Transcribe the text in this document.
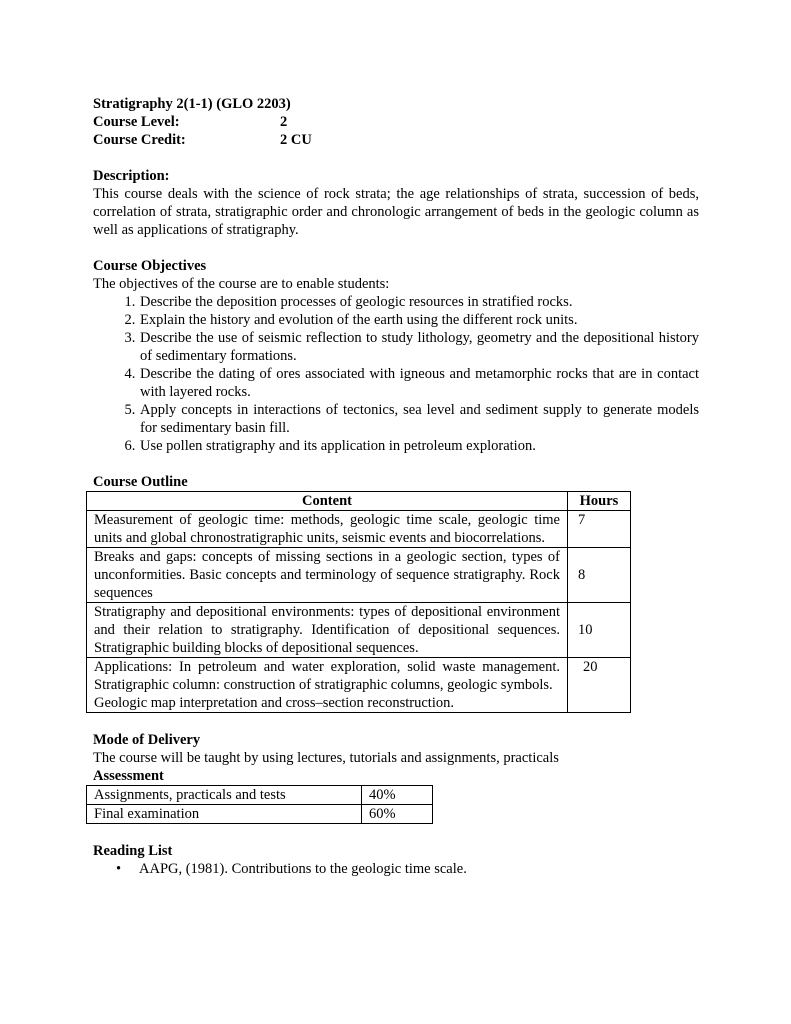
Stratigraphy 2(1-1) (GLO 2203)
Course Level:	2
Course Credit:	2 CU
Description:
This course deals with the science of rock strata; the age relationships of strata, succession of beds, correlation of strata, stratigraphic order and chronologic arrangement of beds in the geologic column as well as applications of stratigraphy.
Course Objectives
The objectives of the course are to enable students:
1. Describe the deposition processes of geologic resources in stratified rocks.
2. Explain the history and evolution of the earth using the different rock units.
3. Describe the use of seismic reflection to study lithology, geometry and the depositional history of sedimentary formations.
4. Describe the dating of ores associated with igneous and metamorphic rocks that are in contact with layered rocks.
5. Apply concepts in interactions of tectonics, sea level and sediment supply to generate models for sedimentary basin fill.
6. Use pollen stratigraphy and its application in petroleum exploration.
Course Outline
Content	Hours
Measurement of geologic time: methods, geologic time scale, geologic time units and global chronostratigraphic units, seismic events and biocorrelations.	7
Breaks and gaps: concepts of missing sections in a geologic section, types of unconformities. Basic concepts and terminology of sequence stratigraphy. Rock sequences	8
Stratigraphy and depositional environments: types of depositional environment and their relation to stratigraphy. Identification of depositional sequences. Stratigraphic building blocks of depositional sequences.	10

Applications: In petroleum and water exploration, solid waste management. Stratigraphic column: construction of stratigraphic columns, geologic symbols.
Geologic map interpretation and cross–section reconstruction.	20
Mode of Delivery
The course will be taught by using lectures, tutorials and assignments, practicals
Assessment
Assignments, practicals and tests	40%
Final examination	60%
Reading List
• AAPG, (1981). Contributions to the geologic time scale.
